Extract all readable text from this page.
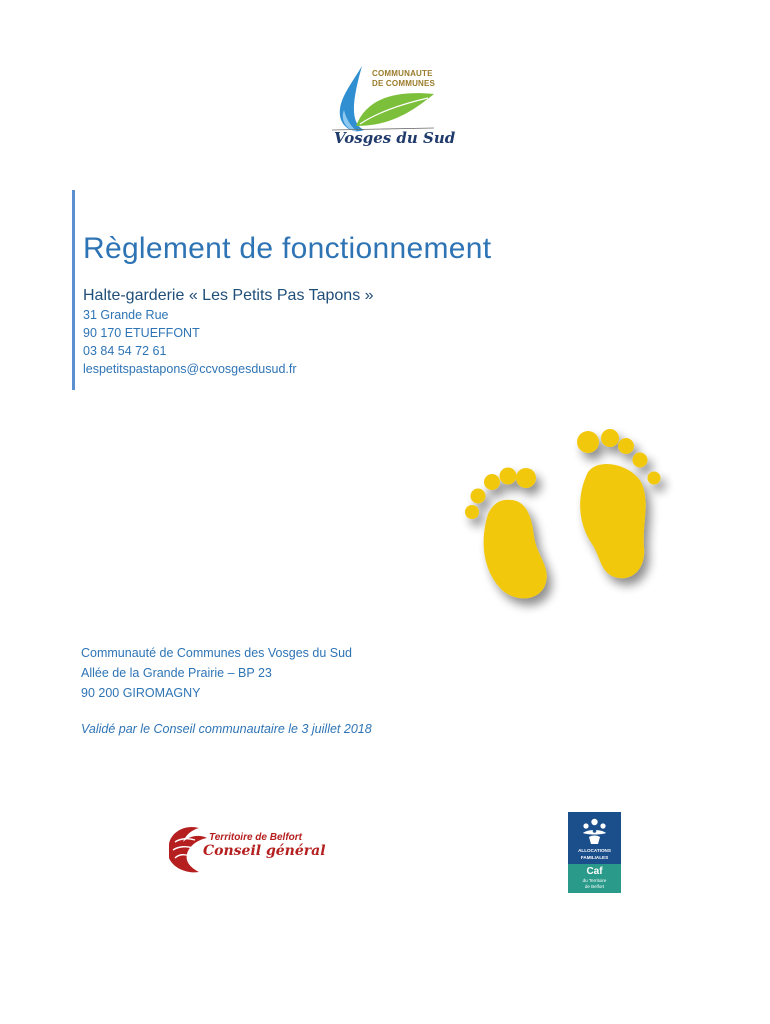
COMMUNAUTE
DE COMMUNES
Vosges du Sud
Règlement de fonctionnement

Halte-garderie « Les Petits Pas Tapons »

31 Grande Rue
90 170 ETUEFFONT
03 84 54 72 61
lespetitspastapons@ccvosgesdusud.fr
Communauté de Communes des Vosges du Sud
Allée de la Grande Prairie – BP 23
90 200 GIROMAGNY
Validé par le Conseil communautaire le 3 juillet 2018
Territoire de Belfort
Conseil général	ALLOCATIONS
FAMILIALES
Caf
du Territoire
de Belfort
